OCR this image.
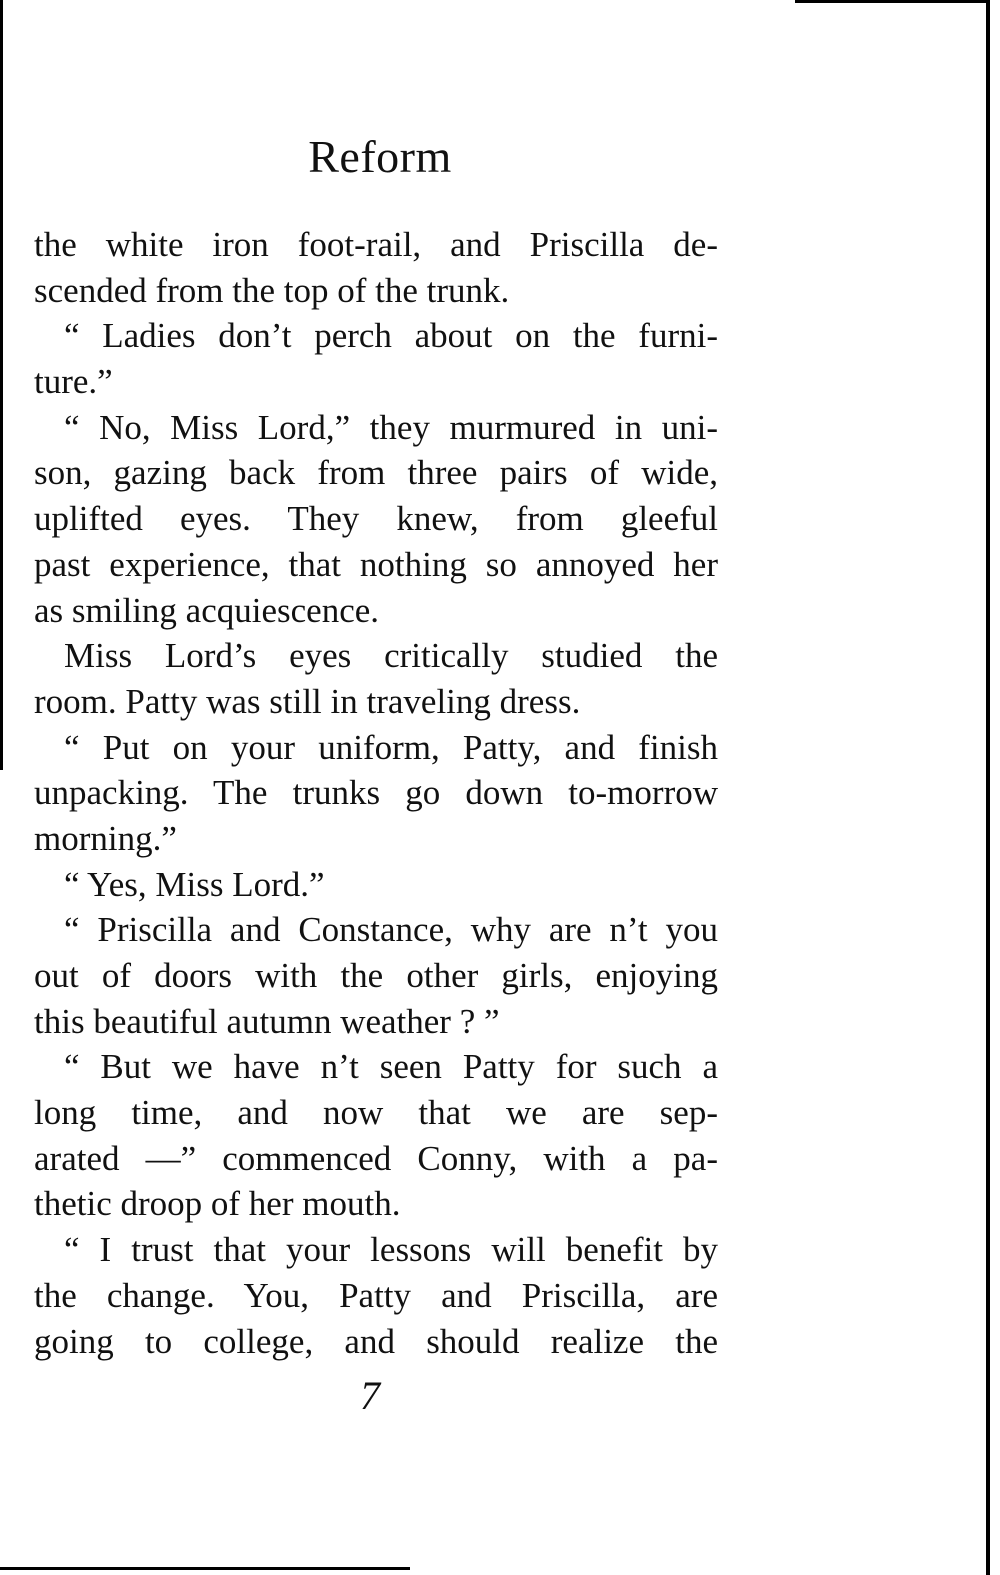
Reform
the white iron foot-rail, and Priscilla de-
scended from the top of the trunk.
“ Ladies don’t perch about on the furni-
ture.”
“ No, Miss Lord,” they murmured in uni-
son, gazing back from three pairs of wide,
uplifted eyes. They knew, from gleeful
past experience, that nothing so annoyed her
as smiling acquiescence.
Miss Lord’s eyes critically studied the
room. Patty was still in traveling dress.
“ Put on your uniform, Patty, and finish
unpacking. The trunks go down to-morrow
morning.”
“ Yes, Miss Lord.”
“ Priscilla and Constance, why are n’t you
out of doors with the other girls, enjoying
this beautiful autumn weather ? ”
“ But we have n’t seen Patty for such a
long time, and now that we are sep-
arated —” commenced Conny, with a pa-
thetic droop of her mouth.
“ I trust that your lessons will benefit by
the change. You, Patty and Priscilla, are
going to college, and should realize the
7
